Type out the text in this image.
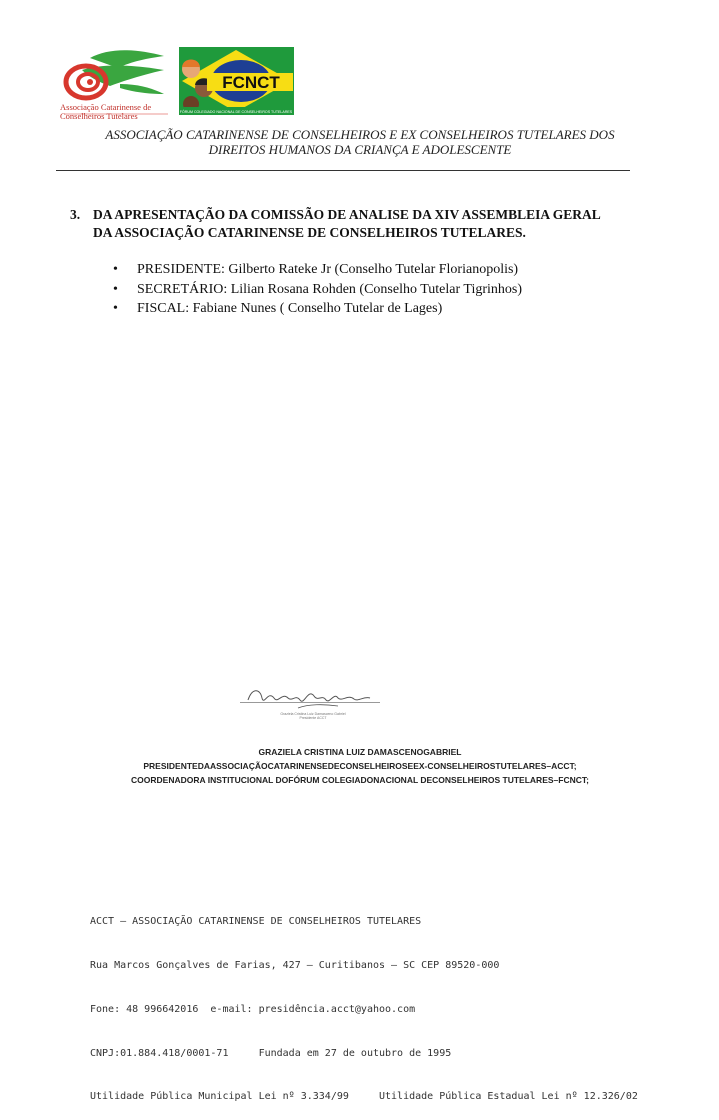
Associação Catarinense de Conselheiros Tutelares
FCNCT
FÓRUM COLEGIADO NACIONAL DE CONSELHEIROS TUTELARES
ASSOCIAÇÃO CATARINENSE DE CONSELHEIROS E EX CONSELHEIROS TUTELARES DOS
DIREITOS HUMANOS DA CRIANÇA E ADOLESCENTE
3. DA APRESENTAÇÃO DA COMISSÃO DE ANALISE DA XIV ASSEMBLEIA GERAL
DA ASSOCIAÇÃO CATARINENSE DE CONSELHEIROS TUTELARES.
• PRESIDENTE: Gilberto Rateke Jr (Conselho Tutelar Florianopolis)
• SECRETÁRIO: Lilian Rosana Rohden (Conselho Tutelar Tigrinhos)
• FISCAL: Fabiane Nunes ( Conselho Tutelar de Lages)
Graziela Cristina Luiz Damasceno Gabriel
Presidente ACCT
GRAZIELA CRISTINA LUIZ DAMASCENOGABRIEL
PRESIDENTEDAASSOCIAÇÃOCATARINENSEDECONSELHEIROSEEX-CONSELHEIROSTUTELARES–ACCT;
COORDENADORA INSTITUCIONAL DOFÓRUM COLEGIADONACIONAL DECONSELHEIROS TUTELARES–FCNCT;

ACCT – ASSOCIAÇÃO CATARINENSE DE CONSELHEIROS TUTELARES

Rua Marcos Gonçalves de Farias, 427 – Curitibanos – SC CEP 89520-000

Fone: 48 996642016  e-mail: presidência.acct@yahoo.com

CNPJ:01.884.418/0001-71     Fundada em 27 de outubro de 1995

Utilidade Pública Municipal Lei nº 3.334/99     Utilidade Pública Estadual Lei nº 12.326/02
